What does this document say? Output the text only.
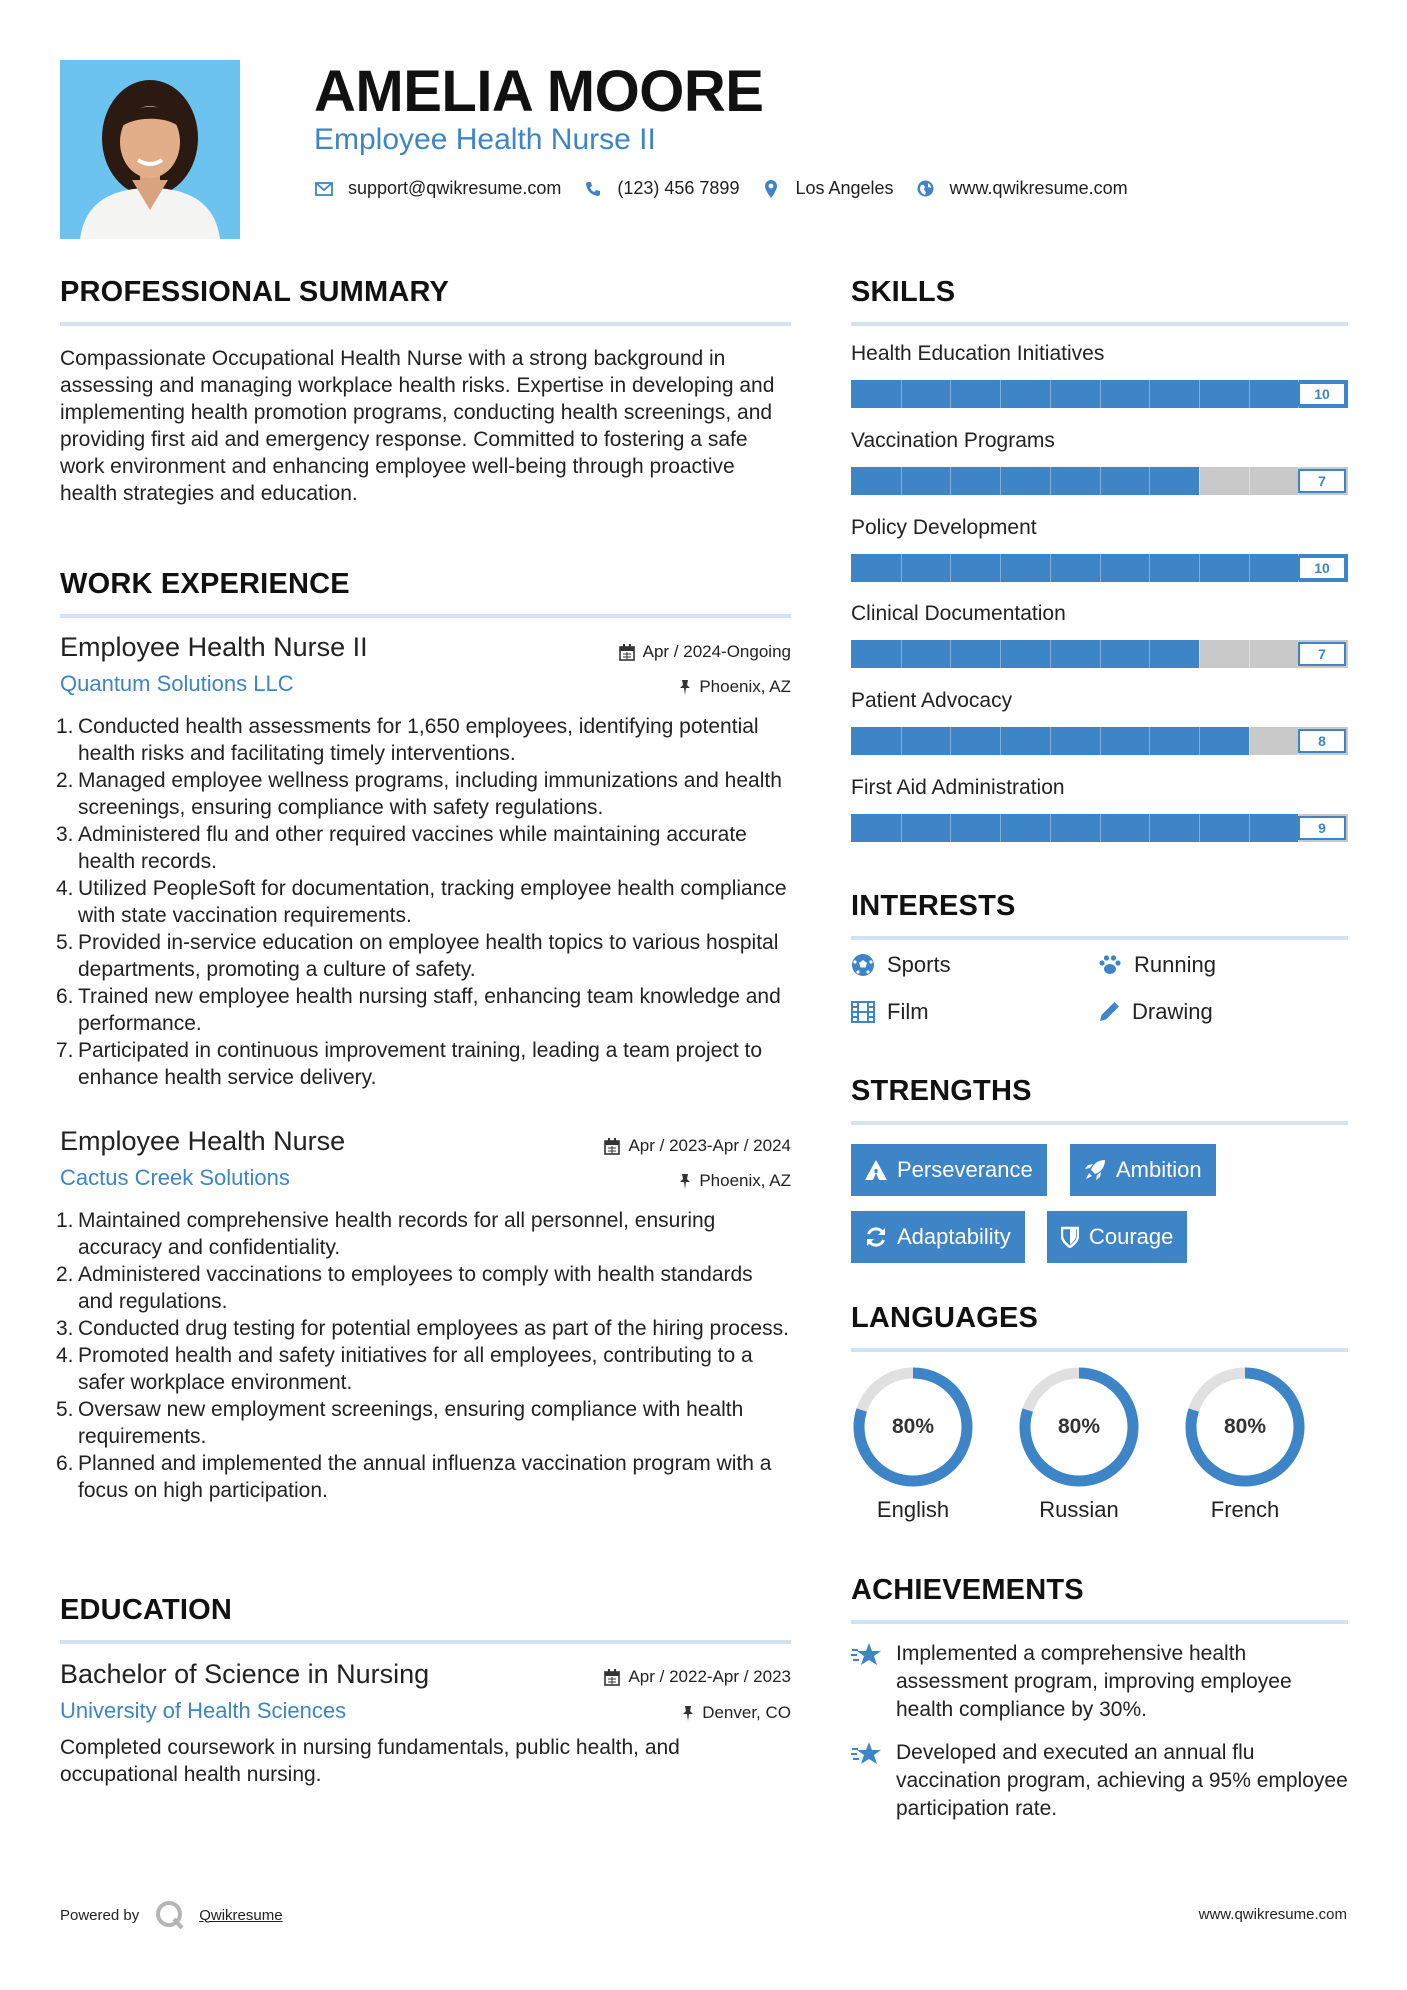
AMELIA MOORE
Employee Health Nurse II
support@qwikresume.com	(123) 456 7899	Los Angeles	www.qwikresume.com
PROFESSIONAL SUMMARY
Compassionate Occupational Health Nurse with a strong background in assessing and managing workplace health risks. Expertise in developing and implementing health promotion programs, conducting health screenings, and providing first aid and emergency response. Committed to fostering a safe work environment and enhancing employee well-being through proactive health strategies and education.
WORK EXPERIENCE
Employee Health Nurse II	Apr / 2024-Ongoing
Quantum Solutions LLC	Phoenix, AZ
1. Conducted health assessments for 1,650 employees, identifying potential health risks and facilitating timely interventions.
2. Managed employee wellness programs, including immunizations and health screenings, ensuring compliance with safety regulations.
3. Administered flu and other required vaccines while maintaining accurate health records.
4. Utilized PeopleSoft for documentation, tracking employee health compliance with state vaccination requirements.
5. Provided in-service education on employee health topics to various hospital departments, promoting a culture of safety.
6. Trained new employee health nursing staff, enhancing team knowledge and performance.
7. Participated in continuous improvement training, leading a team project to enhance health service delivery.
Employee Health Nurse	Apr / 2023-Apr / 2024
Cactus Creek Solutions	Phoenix, AZ
1. Maintained comprehensive health records for all personnel, ensuring accuracy and confidentiality.
2. Administered vaccinations to employees to comply with health standards and regulations.
3. Conducted drug testing for potential employees as part of the hiring process.
4. Promoted health and safety initiatives for all employees, contributing to a safer workplace environment.
5. Oversaw new employment screenings, ensuring compliance with health requirements.
6. Planned and implemented the annual influenza vaccination program with a focus on high participation.
EDUCATION
Bachelor of Science in Nursing	Apr / 2022-Apr / 2023
University of Health Sciences	Denver, CO
Completed coursework in nursing fundamentals, public health, and occupational health nursing.
SKILLS
Health Education Initiatives
10
Vaccination Programs
7
Policy Development
10
Clinical Documentation
7
Patient Advocacy
8
First Aid Administration
9
INTERESTS
Sports	Running
Film	Drawing
STRENGTHS
Perseverance	Ambition
Adaptability	Courage
LANGUAGES
80%
English
80%
Russian
80%
French
ACHIEVEMENTS
Implemented a comprehensive health assessment program, improving employee health compliance by 30%.
Developed and executed an annual flu vaccination program, achieving a 95% employee participation rate.
Powered by	Qwikresume	www.qwikresume.com
